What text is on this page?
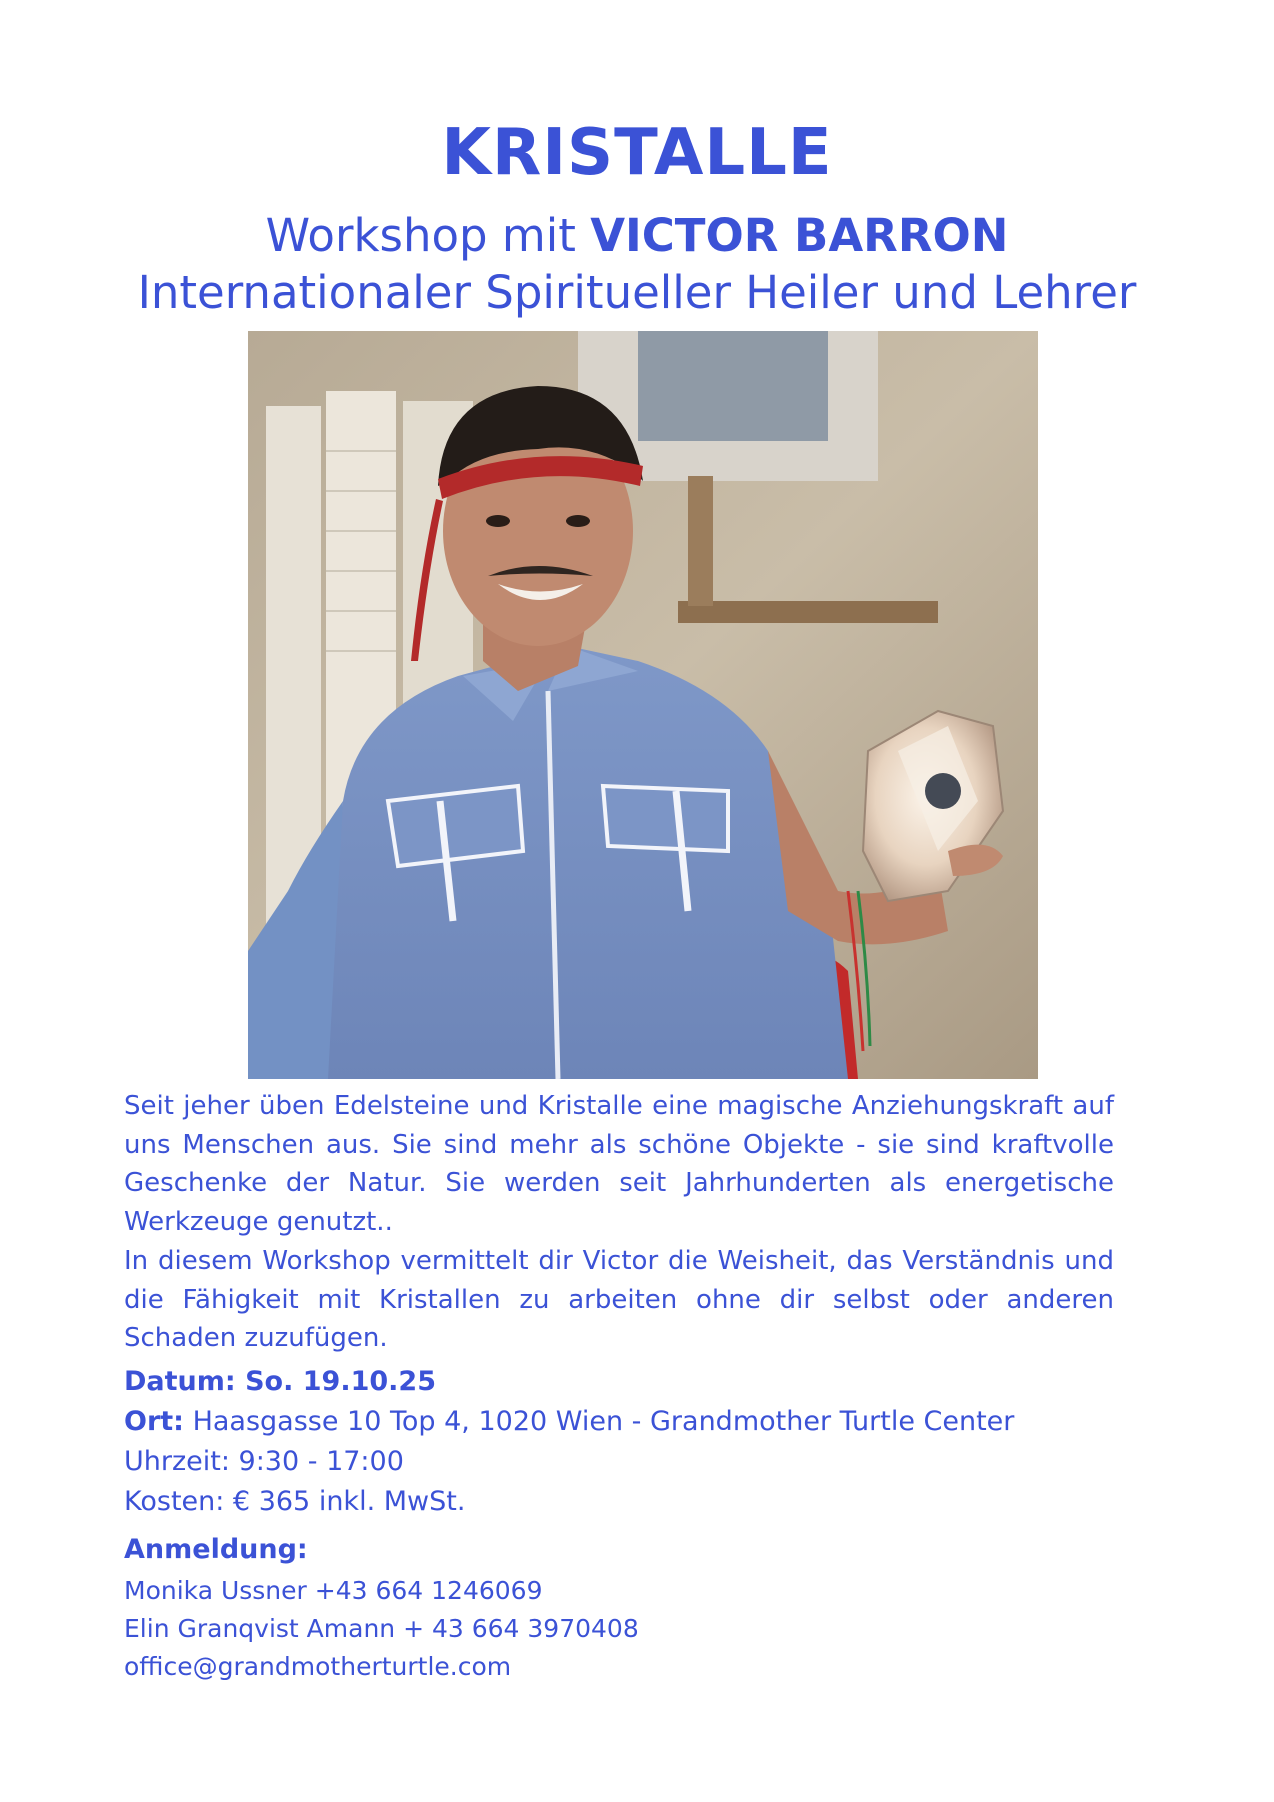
KRISTALLE
Workshop mit VICTOR BARRON
Internationaler Spiritueller Heiler und Lehrer

Seit jeher üben Edelsteine und Kristalle eine magische Anziehungskraft auf uns Menschen aus. Sie sind mehr als schöne Objekte - sie sind kraftvolle Geschenke der Natur. Sie werden seit Jahrhunderten als energetische Werkzeuge genutzt..

In diesem Workshop vermittelt dir Victor die Weisheit, das Verständnis und die Fähigkeit mit Kristallen zu arbeiten ohne dir selbst oder anderen Schaden zuzufügen.

Datum: So. 19.10.25
Ort: Haasgasse 10 Top 4, 1020 Wien - Grandmother Turtle Center
Uhrzeit: 9:30 - 17:00
Kosten: € 365 inkl. MwSt.
Anmeldung:
Monika Ussner +43 664 1246069
Elin Granqvist Amann + 43 664 3970408
office@grandmotherturtle.com
